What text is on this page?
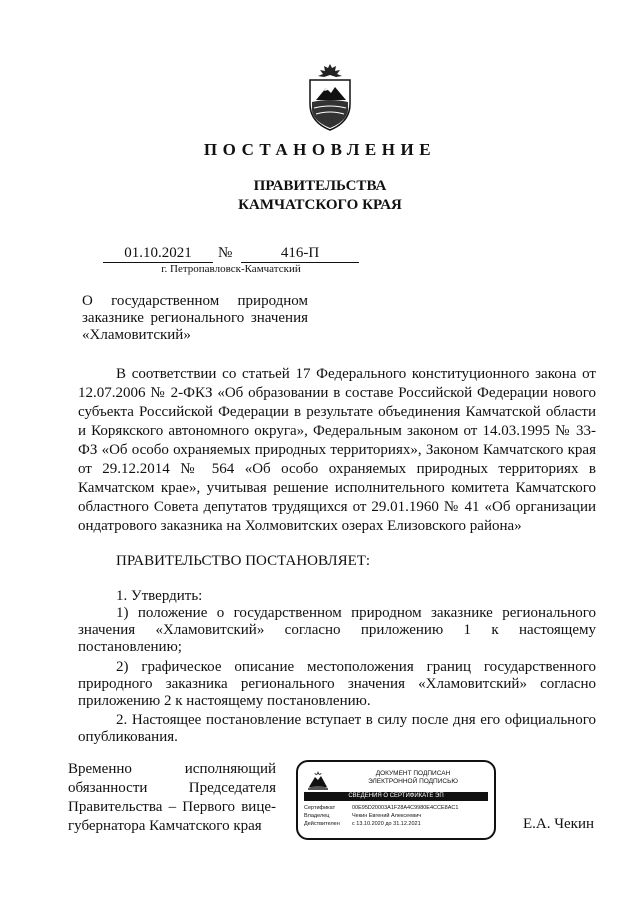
ПОСТАНОВЛЕНИЕ
ПРАВИТЕЛЬСТВА
КАМЧАТСКОГО КРАЯ
01.10.2021	№	416-П
г. Петропавловск-Камчатский
О государственном природном заказнике регионального значения «Хламовитский»
В соответствии со статьей 17 Федерального конституционного закона от 12.07.2006 № 2-ФКЗ «Об образовании в составе Российской Федерации нового субъекта Российской Федерации в результате объединения Камчатской области и Корякского автономного округа», Федеральным законом от 14.03.1995 № 33-ФЗ «Об особо охраняемых природных территориях», Законом Камчатского края от 29.12.2014 № 564 «Об особо охраняемых природных территориях в Камчатском крае», учитывая решение исполнительного комитета Камчатского областного Совета депутатов трудящихся от 29.01.1960 № 41 «Об организации ондатрового заказника на Холмовитских озерах Елизовского района»
ПРАВИТЕЛЬСТВО ПОСТАНОВЛЯЕТ:
1. Утвердить:
1) положение о государственном природном заказнике регионального значения «Хламовитский» согласно приложению 1 к настоящему постановлению;
2) графическое описание местоположения границ государственного природного заказника регионального значения «Хламовитский» согласно приложению 2 к настоящему постановлению.
2. Настоящее постановление вступает в силу после дня его официального опубликования.
Временно исполняющий
обязанности Председателя
Правительства – Первого вице-
губернатора Камчатского края
ДОКУМЕНТ ПОДПИСАН
ЭЛЕКТРОННОЙ ПОДПИСЬЮ
СВЕДЕНИЯ О СЕРТИФИКАТЕ ЭП
Сертификат	00E95D20003A1F28A4C9980E4CCE8AC1
Владелец	Чекин Евгений Алексеевич
Действителен	с 13.10.2020 до 31.12.2021	Е.А. Чекин
